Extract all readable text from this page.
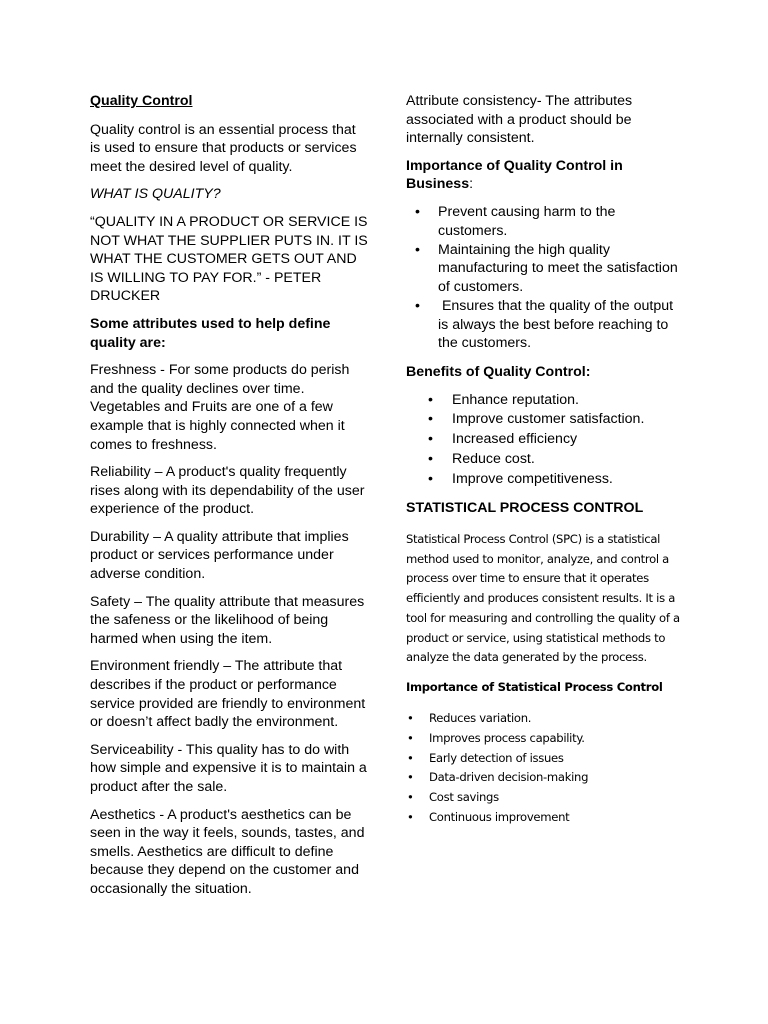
Quality Control

Quality control is an essential process that is used to ensure that products or services meet the desired level of quality.

WHAT IS QUALITY?

“QUALITY IN A PRODUCT OR SERVICE IS NOT WHAT THE SUPPLIER PUTS IN. IT IS WHAT THE CUSTOMER GETS OUT AND IS WILLING TO PAY FOR.” - PETER DRUCKER

Some attributes used to help define quality are:

Freshness - For some products do perish and the quality declines over time. Vegetables and Fruits are one of a few example that is highly connected when it comes to freshness.

Reliability – A product's quality frequently rises along with its dependability of the user experience of the product.

Durability – A quality attribute that implies product or services performance under adverse condition.

Safety – The quality attribute that measures the safeness or the likelihood of being harmed when using the item.

Environment friendly – The attribute that describes if the product or performance service provided are friendly to environment or doesn’t affect badly the environment.

Serviceability - This quality has to do with how simple and expensive it is to maintain a product after the sale.

Aesthetics - A product's aesthetics can be seen in the way it feels, sounds, tastes, and smells. Aesthetics are difficult to define because they depend on the customer and occasionally the situation.

Attribute consistency- The attributes associated with a product should be internally consistent.

Importance of Quality Control in Business:

• Prevent causing harm to the customers.
• Maintaining the high quality manufacturing to meet the satisfaction of customers.
•  Ensures that the quality of the output is always the best before reaching to the customers.

Benefits of Quality Control:

• Enhance reputation.
• Improve customer satisfaction.
• Increased efficiency
• Reduce cost.
• Improve competitiveness.

STATISTICAL PROCESS CONTROL

Statistical Process Control (SPC) is a statistical method used to monitor, analyze, and control a process over time to ensure that it operates efficiently and produces consistent results. It is a tool for measuring and controlling the quality of a product or service, using statistical methods to analyze the data generated by the process.

Importance of Statistical Process Control

• Reduces variation.
• Improves process capability.
• Early detection of issues
• Data-driven decision-making
• Cost savings
• Continuous improvement
